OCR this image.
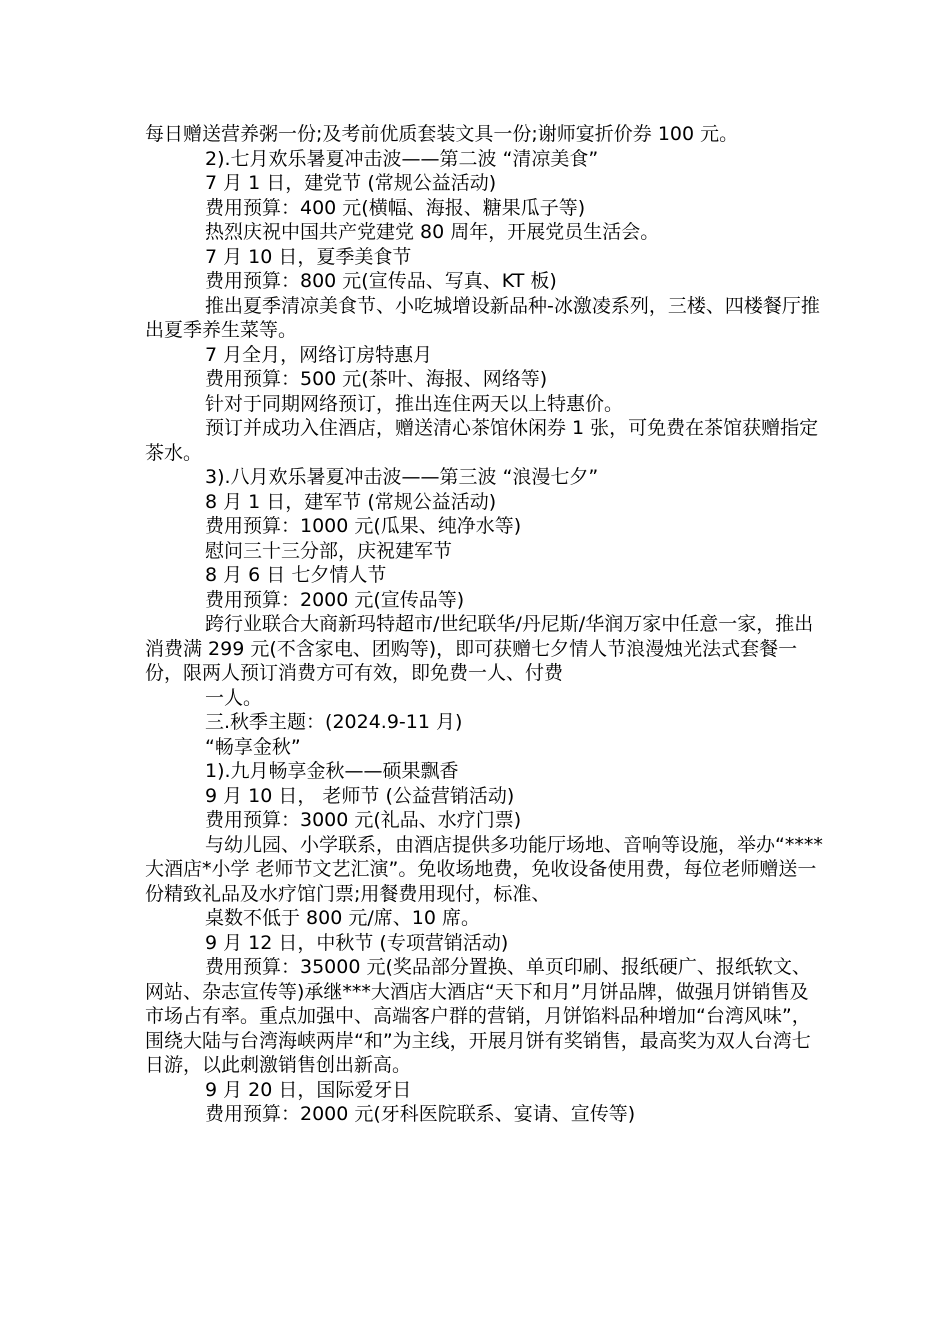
每日赠送营养粥一份;及考前优质套装文具一份;谢师宴折价券 100 元。

2).七月欢乐暑夏冲击波——第二波 “清凉美食”

7 月 1 日，建党节 (常规公益活动)

费用预算：400 元(横幅、海报、糖果瓜子等)

热烈庆祝中国共产党建党 80 周年，开展党员生活会。

7 月 10 日，夏季美食节

费用预算：800 元(宣传品、写真、KT 板)

推出夏季清凉美食节、小吃城增设新品种-冰激凌系列，三楼、四楼餐厅推出夏季养生菜等。

7 月全月，网络订房特惠月

费用预算：500 元(茶叶、海报、网络等)

针对于同期网络预订，推出连住两天以上特惠价。

预订并成功入住酒店，赠送清心茶馆休闲券 1 张，可免费在茶馆获赠指定茶水。

3).八月欢乐暑夏冲击波——第三波 “浪漫七夕”

8 月 1 日，建军节 (常规公益活动)

费用预算：1000 元(瓜果、纯净水等)

慰问三十三分部，庆祝建军节

8 月 6 日 七夕情人节

费用预算：2000 元(宣传品等)

跨行业联合大商新玛特超市/世纪联华/丹尼斯/华润万家中任意一家，推出消费满 299 元(不含家电、团购等)，即可获赠七夕情人节浪漫烛光法式套餐一份，限两人预订消费方可有效，即免费一人、付费

一人。

三.秋季主题：(2024.9-11 月)

“畅享金秋”

1).九月畅享金秋——硕果飘香

9 月 10 日， 老师节 (公益营销活动)

费用预算：3000 元(礼品、水疗门票)

与幼儿园、小学联系，由酒店提供多功能厅场地、音响等设施，举办“****大酒店*小学 老师节文艺汇演”。免收场地费，免收设备使用费，每位老师赠送一份精致礼品及水疗馆门票;用餐费用现付，标准、

桌数不低于 800 元/席、10 席。

9 月 12 日，中秋节 (专项营销活动)

费用预算：35000 元(奖品部分置换、单页印刷、报纸硬广、报纸软文、网站、杂志宣传等)承继***大酒店大酒店“天下和月”月饼品牌，做强月饼销售及市场占有率。重点加强中、高端客户群的营销，月饼馅料品种增加“台湾风味”，围绕大陆与台湾海峡两岸“和”为主线，开展月饼有奖销售，最高奖为双人台湾七日游，以此刺激销售创出新高。

9 月 20 日，国际爱牙日

费用预算：2000 元(牙科医院联系、宴请、宣传等)
